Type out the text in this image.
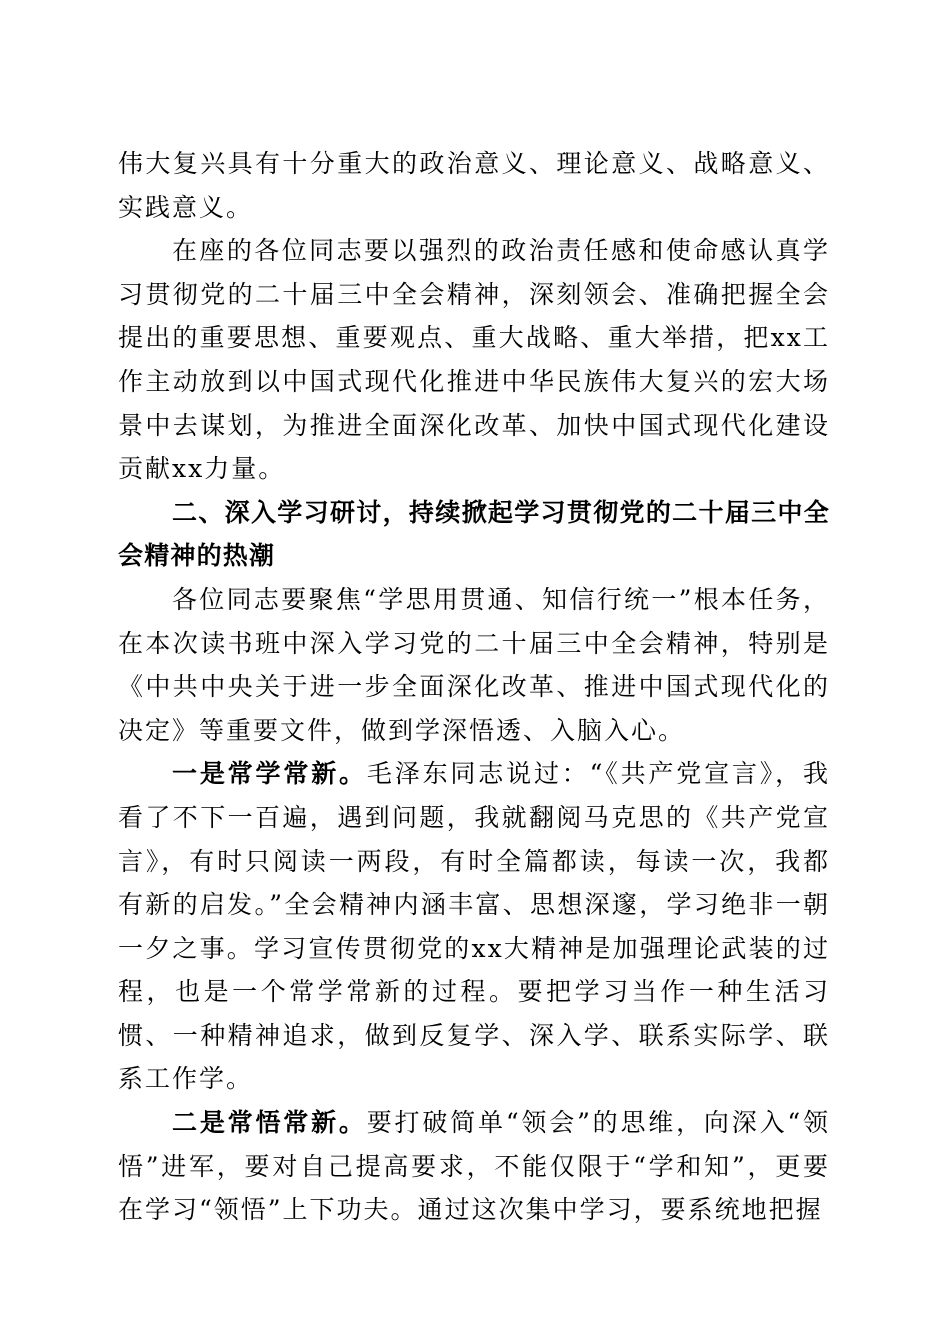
伟大复兴具有十分重大的政治意义、理论意义、战略意义、实践意义。

在座的各位同志要以强烈的政治责任感和使命感认真学习贯彻党的二十届三中全会精神，深刻领会、准确把握全会提出的重要思想、重要观点、重大战略、重大举措，把xx工作主动放到以中国式现代化推进中华民族伟大复兴的宏大场景中去谋划，为推进全面深化改革、加快中国式现代化建设贡献xx力量。

二、深入学习研讨，持续掀起学习贯彻党的二十届三中全会精神的热潮

各位同志要聚焦“学思用贯通、知信行统一”根本任务，在本次读书班中深入学习党的二十届三中全会精神，特别是《中共中央关于进一步全面深化改革、推进中国式现代化的决定》等重要文件，做到学深悟透、入脑入心。

一是常学常新。毛泽东同志说过：“《共产党宣言》，我看了不下一百遍，遇到问题，我就翻阅马克思的《共产党宣言》，有时只阅读一两段，有时全篇都读，每读一次，我都有新的启发。”全会精神内涵丰富、思想深邃，学习绝非一朝一夕之事。学习宣传贯彻党的xx大精神是加强理论武装的过程，也是一个常学常新的过程。要把学习当作一种生活习惯、一种精神追求，做到反复学、深入学、联系实际学、联系工作学。

二是常悟常新。要打破简单“领会”的思维，向深入“领悟”进军，要对自己提高要求，不能仅限于“学和知”，更要在学习“领悟”上下功夫。通过这次集中学习，要系统地把握
